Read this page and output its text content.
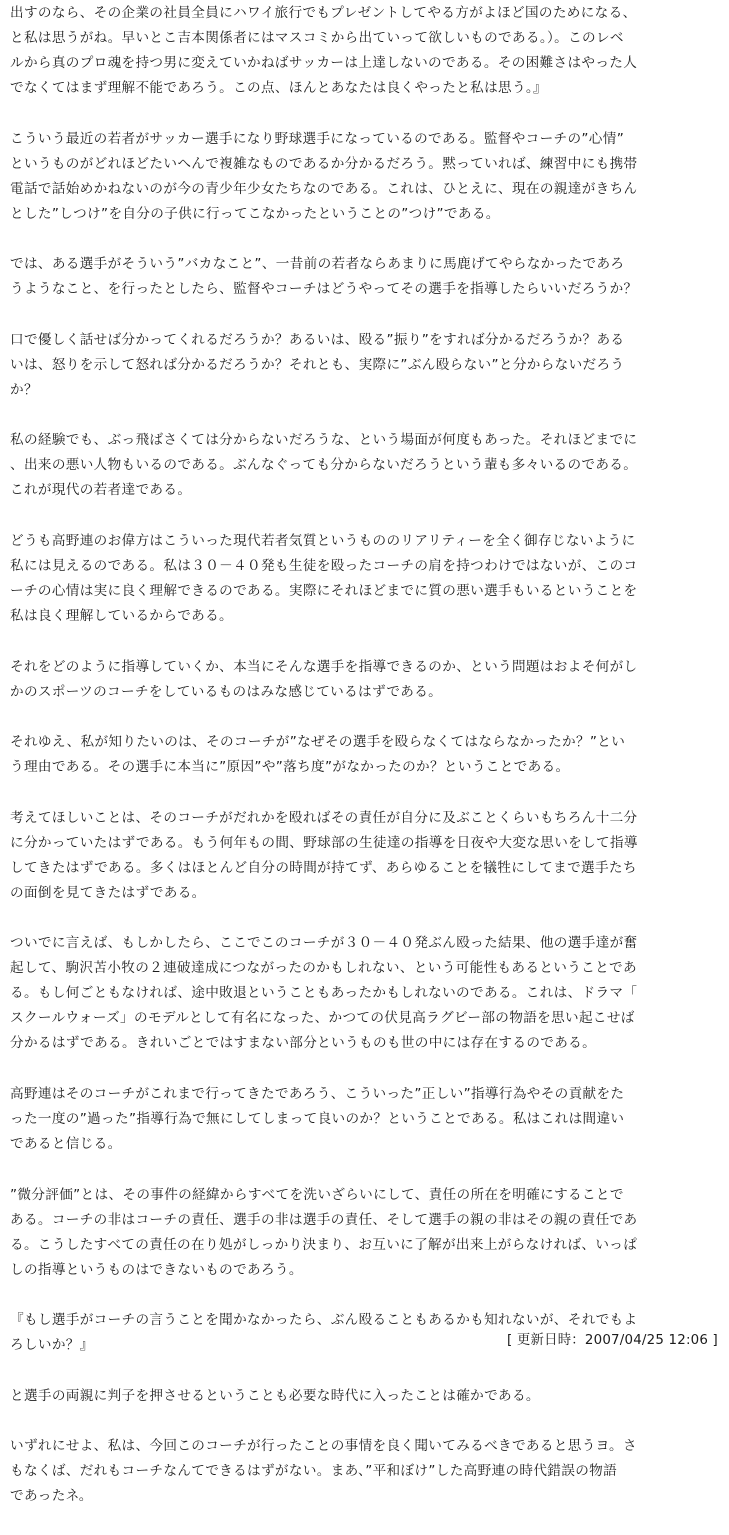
出すのなら、その企業の社員全員にハワイ旅行でもプレゼントしてやる方がよほど国のためになる、
と私は思うがね。早いとこ吉本関係者にはマスコミから出ていって欲しいものである。）。このレベ
ルから真のプロ魂を持つ男に変えていかねばサッカーは上達しないのである。その困難さはやった人
でなくてはまず理解不能であろう。この点、ほんとあなたは良くやったと私は思う。』
こういう最近の若者がサッカー選手になり野球選手になっているのである。監督やコーチの”心情”
というものがどれほどたいへんで複雑なものであるか分かるだろう。黙っていれば、練習中にも携帯
電話で話始めかねないのが今の青少年少女たちなのである。これは、ひとえに、現在の親達がきちん
とした”しつけ”を自分の子供に行ってこなかったということの”つけ”である。
では、ある選手がそういう”バカなこと”、一昔前の若者ならあまりに馬鹿げてやらなかったであろ
うようなこと、を行ったとしたら、監督やコーチはどうやってその選手を指導したらいいだろうか？
口で優しく話せば分かってくれるだろうか？あるいは、殴る”振り”をすれば分かるだろうか？ある
いは、怒りを示して怒れば分かるだろうか？それとも、実際に”ぶん殴らない”と分からないだろう
か？
私の経験でも、ぶっ飛ばさくては分からないだろうな、という場面が何度もあった。それほどまでに
、出来の悪い人物もいるのである。ぶんなぐっても分からないだろうという輩も多々いるのである。
これが現代の若者達である。
どうも高野連のお偉方はこういった現代若者気質というもののリアリティーを全く御存じないように
私には見えるのである。私は３０－４０発も生徒を殴ったコーチの肩を持つわけではないが、このコ
ーチの心情は実に良く理解できるのである。実際にそれほどまでに質の悪い選手もいるということを
私は良く理解しているからである。
それをどのように指導していくか、本当にそんな選手を指導できるのか、という問題はおよそ何がし
かのスポーツのコーチをしているものはみな感じているはずである。
それゆえ、私が知りたいのは、そのコーチが”なぜその選手を殴らなくてはならなかったか？”とい
う理由である。その選手に本当に”原因”や”落ち度”がなかったのか？ということである。
考えてほしいことは、そのコーチがだれかを殴ればその責任が自分に及ぶことくらいもちろん十二分
に分かっていたはずである。もう何年もの間、野球部の生徒達の指導を日夜や大変な思いをして指導
してきたはずである。多くはほとんど自分の時間が持てず、あらゆることを犠牲にしてまで選手たち
の面倒を見てきたはずである。
ついでに言えば、もしかしたら、ここでこのコーチが３０－４０発ぶん殴った結果、他の選手達が奮
起して、駒沢苫小牧の２連破達成につながったのかもしれない、という可能性もあるということであ
る。もし何ごともなければ、途中敗退ということもあったかもしれないのである。これは、ドラマ「
スクールウォーズ」のモデルとして有名になった、かつての伏見高ラグビー部の物語を思い起こせば
分かるはずである。きれいごとではすまない部分というものも世の中には存在するのである。
高野連はそのコーチがこれまで行ってきたであろう、こういった”正しい”指導行為やその貢献をた
った一度の”過った”指導行為で無にしてしまって良いのか？ということである。私はこれは間違い
であると信じる。
”微分評価”とは、その事件の経緯からすべてを洗いざらいにして、責任の所在を明確にすることで
ある。コーチの非はコーチの責任、選手の非は選手の責任、そして選手の親の非はその親の責任であ
る。こうしたすべての責任の在り処がしっかり決まり、お互いに了解が出来上がらなければ、いっぱ
しの指導というものはできないものであろう。
『もし選手がコーチの言うことを聞かなかったら、ぶん殴ることもあるかも知れないが、それでもよ
ろしいか？』
と選手の両親に判子を押させるということも必要な時代に入ったことは確かである。
いずれにせよ、私は、今回このコーチが行ったことの事情を良く聞いてみるべきであると思うヨ。さ
もなくば、だれもコーチなんてできるはずがない。まあ、”平和ぼけ”した高野連の時代錯誤の物語
であったネ。
[ 更新日時：2007/04/25 12:06 ]
